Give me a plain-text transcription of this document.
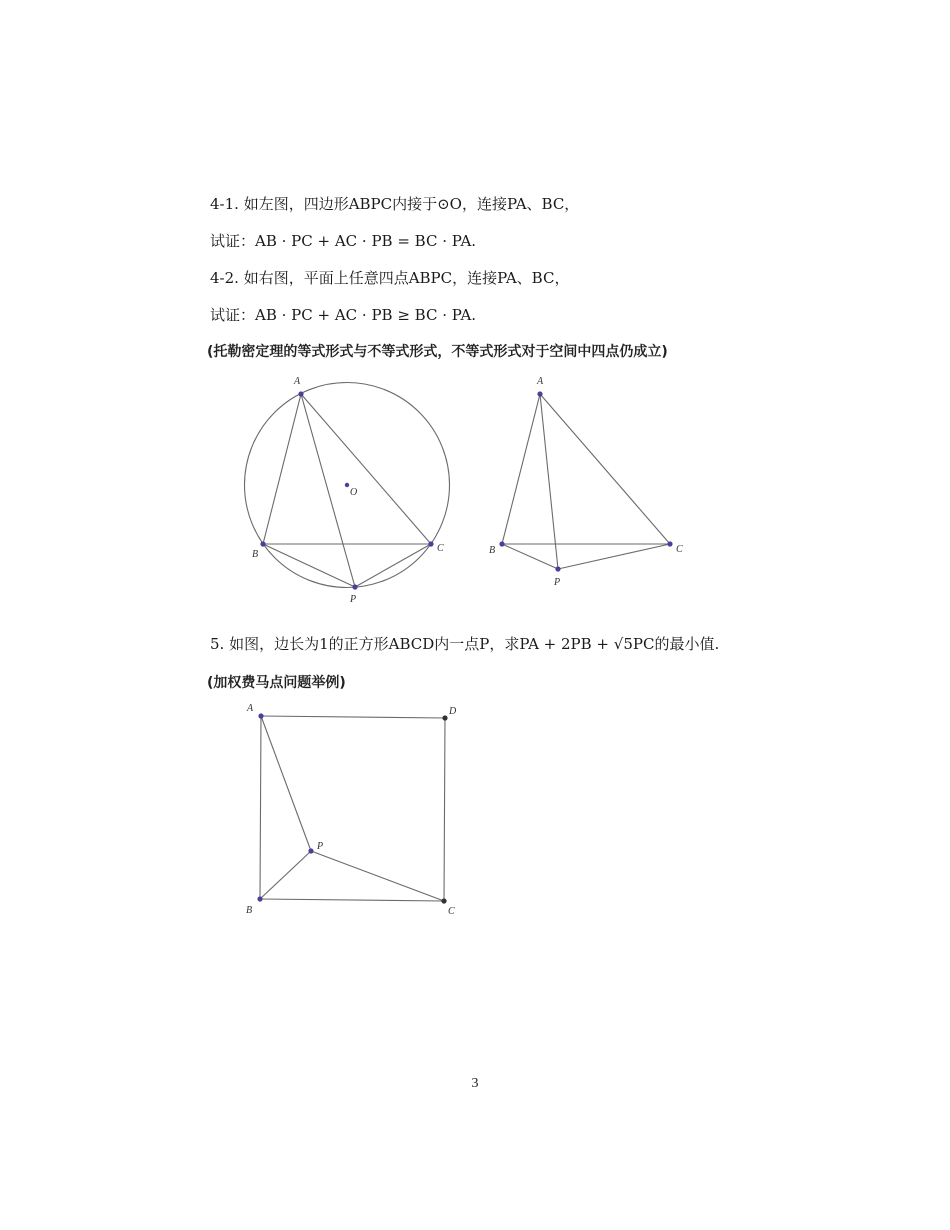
4-1. 如左图，四边形ABPC内接于⊙O，连接PA、BC，
试证：AB · PC + AC · PB = BC · PA.
4-2. 如右图，平面上任意四点ABPC，连接PA、BC，
试证：AB · PC + AC · PB ≥ BC · PA.
(托勒密定理的等式形式与不等式形式，不等式形式对于空间中四点仍成立)
A
B
C
P
O
A
B	C
P
A
B	C
D
P
5. 如图，边长为1的正方形ABCD内一点P，求PA + 2PB + √5PC的最小值.
(加权费马点问题举例)
3
